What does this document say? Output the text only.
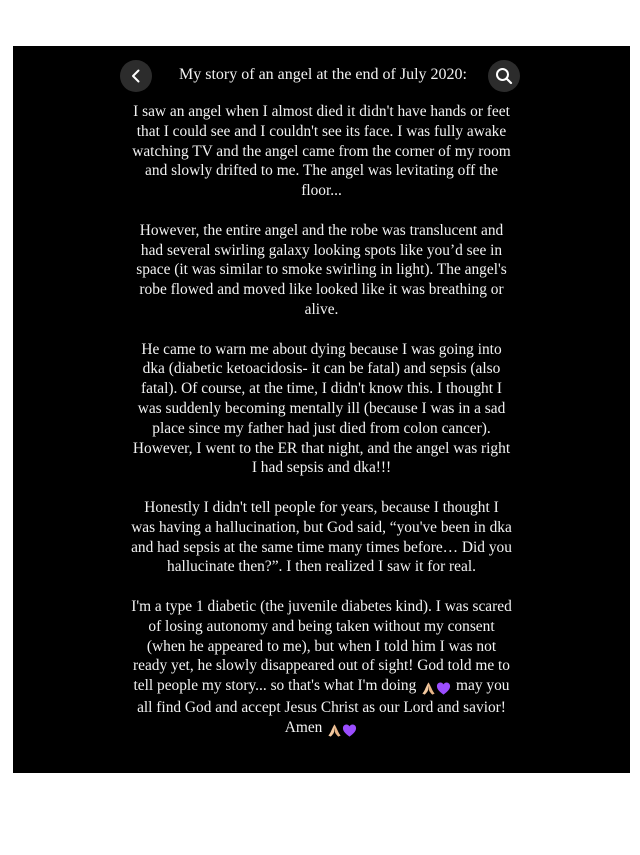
My story of an angel at the end of July 2020:

I saw an angel when I almost died it didn't have hands or feet that I could see and I couldn't see its face. I was fully awake watching TV and the angel came from the corner of my room and slowly drifted to me. The angel was levitating off the floor...

However, the entire angel and the robe was translucent and had several swirling galaxy looking spots like you’d see in space (it was similar to smoke swirling in light). The angel's robe flowed and moved like looked like it was breathing or alive.

He came to warn me about dying because I was going into dka (diabetic ketoacidosis- it can be fatal) and sepsis (also fatal). Of course, at the time, I didn't know this. I thought I was suddenly becoming mentally ill (because I was in a sad place since my father had just died from colon cancer). However, I went to the ER that night, and the angel was right I had sepsis and dka!!!

Honestly I didn't tell people for years, because I thought I was having a hallucination, but God said, “you've been in dka and had sepsis at the same time many times before… Did you hallucinate then?”. I then realized I saw it for real.

I'm a type 1 diabetic (the juvenile diabetes kind). I was scared of losing autonomy and being taken without my consent (when he appeared to me), but when I told him I was not ready yet, he slowly disappeared out of sight! God told me to tell people my story... so that's what I'm doing	may you all find God and accept Jesus Christ as our Lord and savior! Amen
